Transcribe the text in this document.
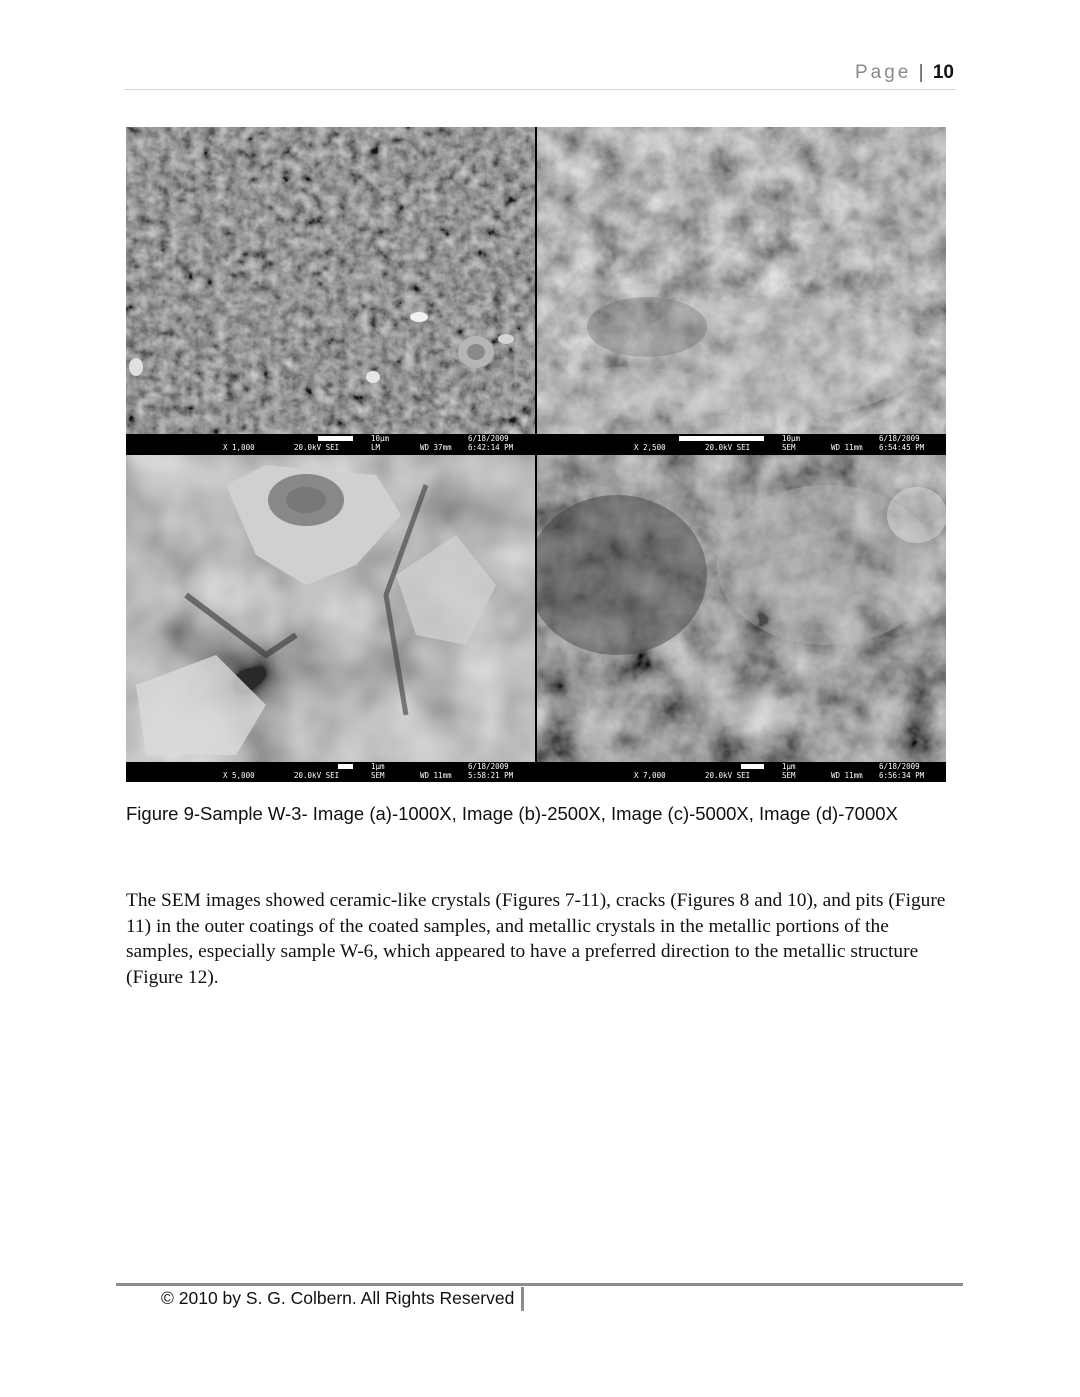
Page | 10
X 1,000	20.0kV SEI
10μm
LM	WD 37mm
6/18/2009
6:42:14 PM	X 2,500	20.0kV SEI
10μm
SEM	WD 11mm
6/18/2009
6:54:45 PM
X 5,000	20.0kV SEI
1μm
SEM	WD 11mm
6/18/2009
5:58:21 PM	X 7,000	20.0kV SEI
1μm
SEM	WD 11mm
6/18/2009
6:56:34 PM
Figure 9-Sample W-3- Image (a)-1000X, Image (b)-2500X, Image (c)-5000X, Image (d)-7000X

The SEM images showed ceramic-like crystals (Figures 7-11), cracks (Figures 8 and 10), and pits (Figure 11) in the outer coatings of the coated samples, and metallic crystals in the metallic portions of the samples, especially sample W-6, which appeared to have a preferred direction to the metallic structure (Figure 12).

© 2010 by S. G. Colbern. All Rights Reserved
